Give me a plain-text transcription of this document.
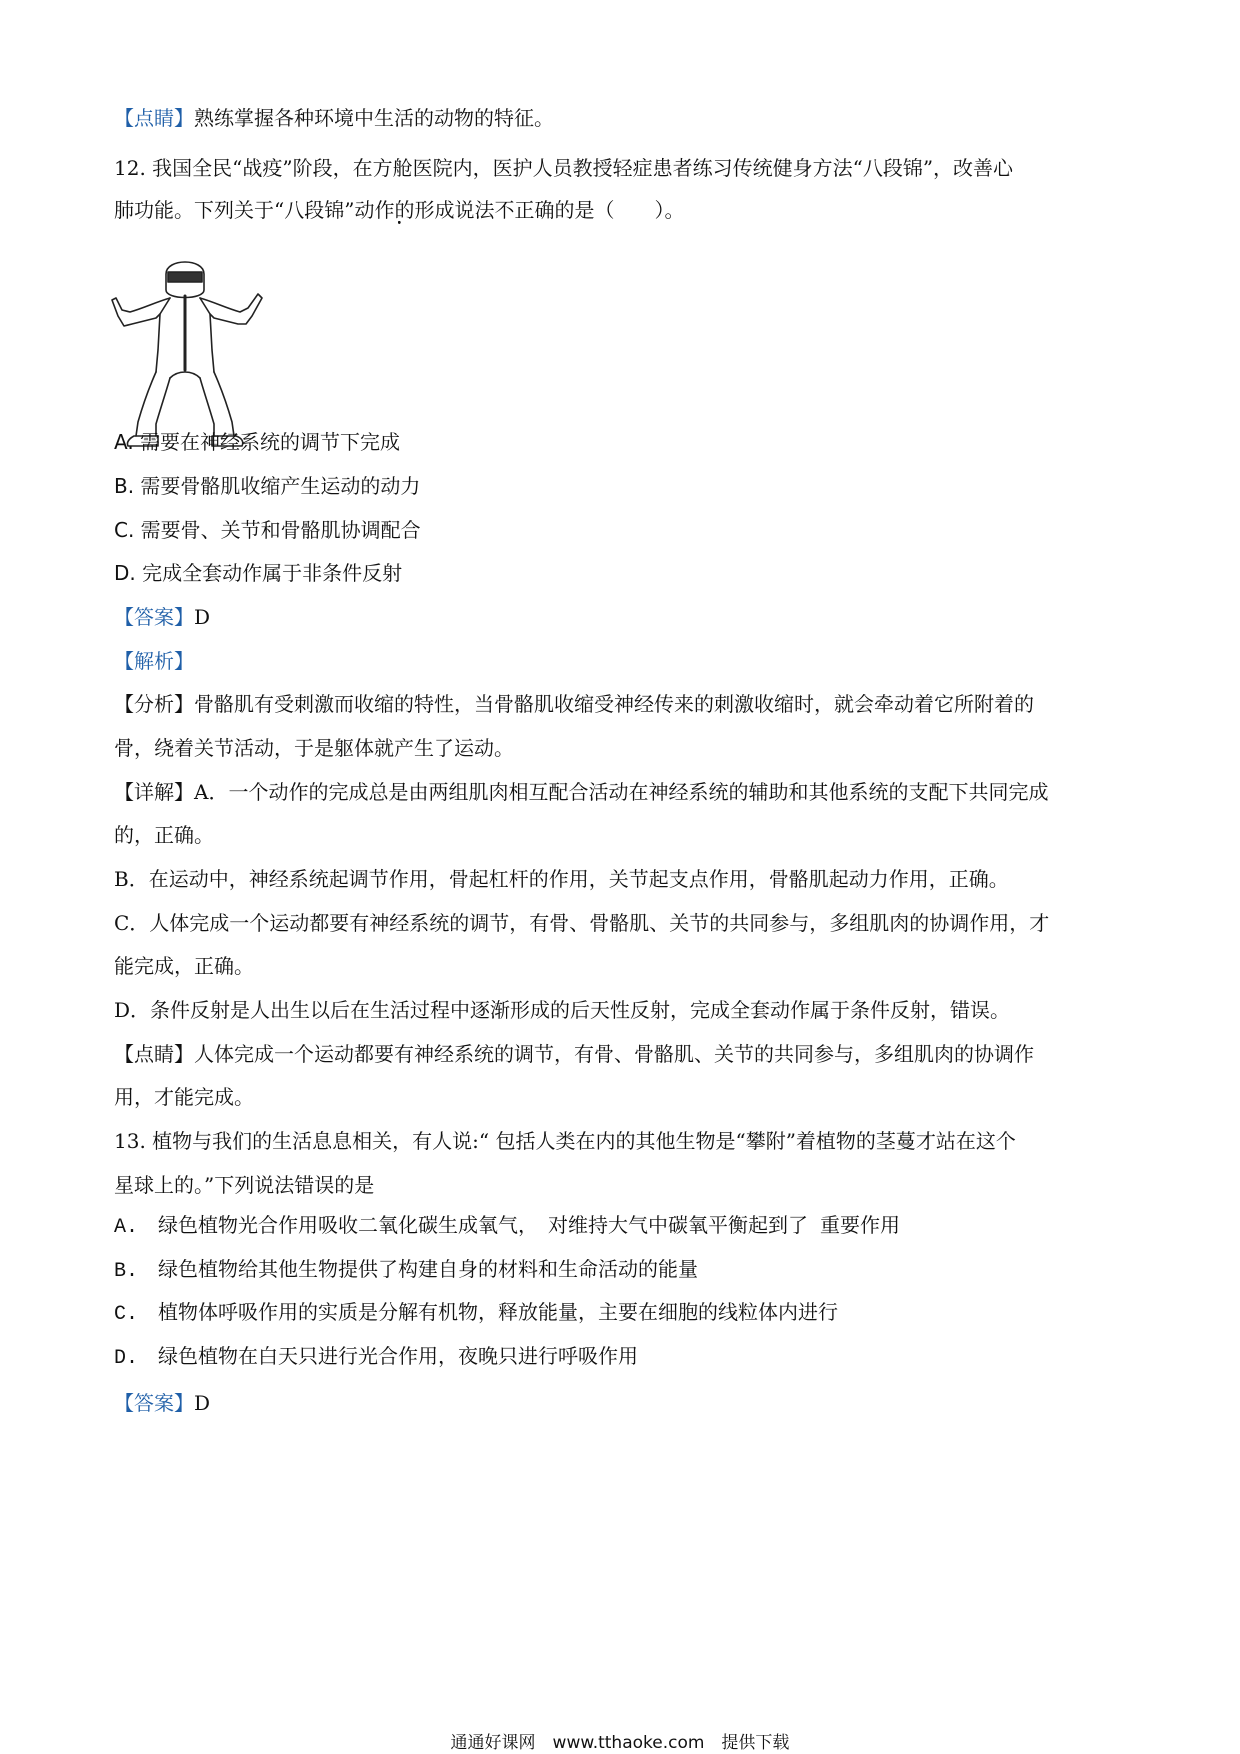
【点睛】熟练掌握各种环境中生活的动物的特征。
12. 我国全民“战疫”阶段，在方舱医院内，医护人员教授轻症患者练习传统健身方法“八段锦”，改善心
肺功能。下列关于“八段锦”动作的形成说法不 •正 •确 • •的是（　　）。
A. 需要在神经系统的调节下完成
B. 需要骨骼肌收缩产生运动的动力
C. 需要骨、关节和骨骼肌协调配合
D. 完成全套动作属于非条件反射
【答案】D
【解析】
【分析】骨骼肌有受刺激而收缩的特性，当骨骼肌收缩受神经传来的刺激收缩时，就会牵动着它所附着的
骨，绕着关节活动，于是躯体就产生了运动。
【详解】A．一个动作的完成总是由两组肌肉相互配合活动在神经系统的辅助和其他系统的支配下共同完成
的，正确。
B．在运动中，神经系统起调节作用，骨起杠杆的作用，关节起支点作用，骨骼肌起动力作用，正确。
C．人体完成一个运动都要有神经系统的调节，有骨、骨骼肌、关节的共同参与，多组肌肉的协调作用，才
能完成，正确。
D．条件反射是人出生以后在生活过程中逐渐形成的后天性反射，完成全套动作属于条件反射，错误。
【点睛】人体完成一个运动都要有神经系统的调节，有骨、骨骼肌、关节的共同参与，多组肌肉的协调作
用，才能完成。
13. 植物与我们的生活息息相关，有人说:“ 包括人类在内的其他生物是“攀附”着植物的茎蔓才站在这个
星球上的。”下列说法错误的是
A.　绿色植物光合作用吸收二氧化碳生成氧气，　对维持大气中碳氧平衡起到了 重要作用
B.　绿色植物给其他生物提供了构建自身的材料和生命活动的能量
C.　植物体呼吸作用的实质是分解有机物，释放能量，主要在细胞的线粒体内进行
D.　绿色植物在白天只进行光合作用，夜晚只进行呼吸作用
【答案】D
通通好课网　www.tthaoke.com　提供下载
